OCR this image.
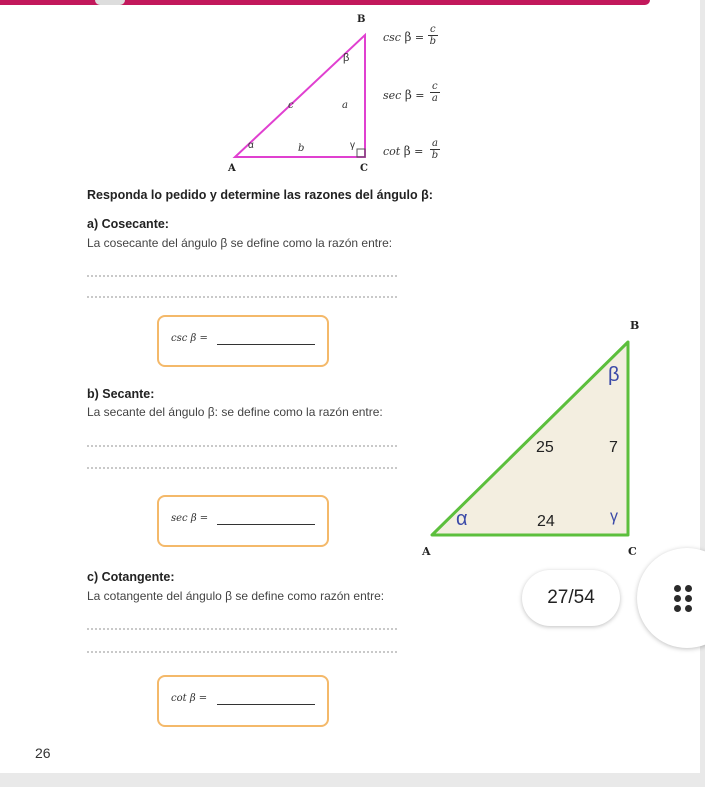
B
A	C
β
γ
α
c	a
b
$\csc \beta = \frac{c}{b}$
$\sec \beta = \frac{c}{a}$
$\cot \beta = \frac{a}{b}$
Responda lo pedido y determine las razones del ángulo β:
a) Cosecante:
La cosecante del ángulo β se define como la razón entre:
csc β =
b) Secante:
La secante del ángulo β: se define como la razón entre:
sec β =
B
A	C
β
α	γ
25	7
24
c) Cotangente:
La cotangente del ángulo β se define como razón entre:
cot β =
26
27/54
